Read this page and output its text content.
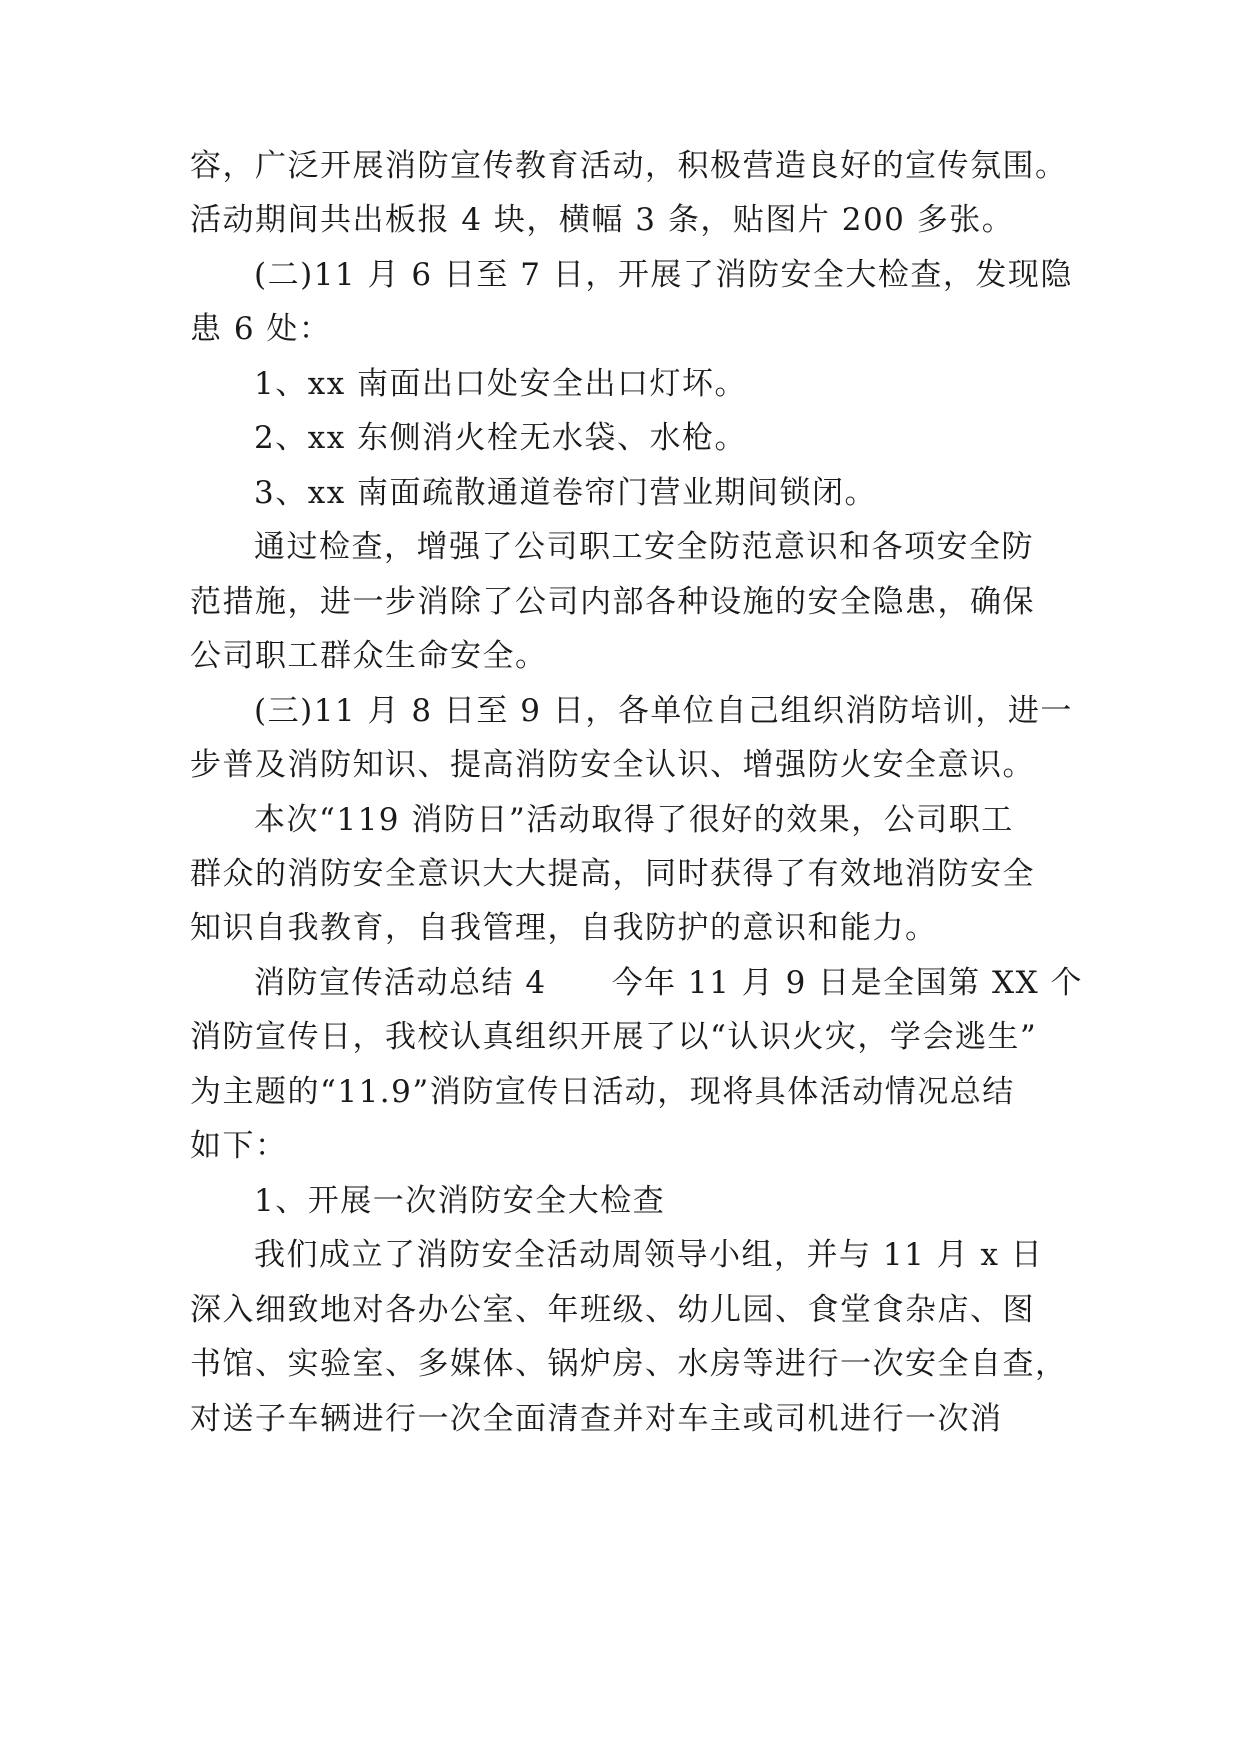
容，广泛开展消防宣传教育活动，积极营造良好的宣传氛围。
活动期间共出板报 4 块，横幅 3 条，贴图片 200 多张。
(二)11 月 6 日至 7 日，开展了消防安全大检查，发现隐
患 6 处：
1、xx 南面出口处安全出口灯坏。
2、xx 东侧消火栓无水袋、水枪。
3、xx 南面疏散通道卷帘门营业期间锁闭。
通过检查，增强了公司职工安全防范意识和各项安全防
范措施，进一步消除了公司内部各种设施的安全隐患，确保
公司职工群众生命安全。
(三)11 月 8 日至 9 日，各单位自己组织消防培训，进一
步普及消防知识、提高消防安全认识、增强防火安全意识。
本次“119 消防日”活动取得了很好的效果，公司职工
群众的消防安全意识大大提高，同时获得了有效地消防安全
知识自我教育，自我管理，自我防护的意识和能力。
消防宣传活动总结 4　　今年 11 月 9 日是全国第 XX 个
消防宣传日，我校认真组织开展了以“认识火灾，学会逃生”
为主题的“11.9”消防宣传日活动，现将具体活动情况总结
如下：
1、开展一次消防安全大检查
我们成立了消防安全活动周领导小组，并与 11 月 x 日
深入细致地对各办公室、年班级、幼儿园、食堂食杂店、图
书馆、实验室、多媒体、锅炉房、水房等进行一次安全自查，
对送子车辆进行一次全面清查并对车主或司机进行一次消
